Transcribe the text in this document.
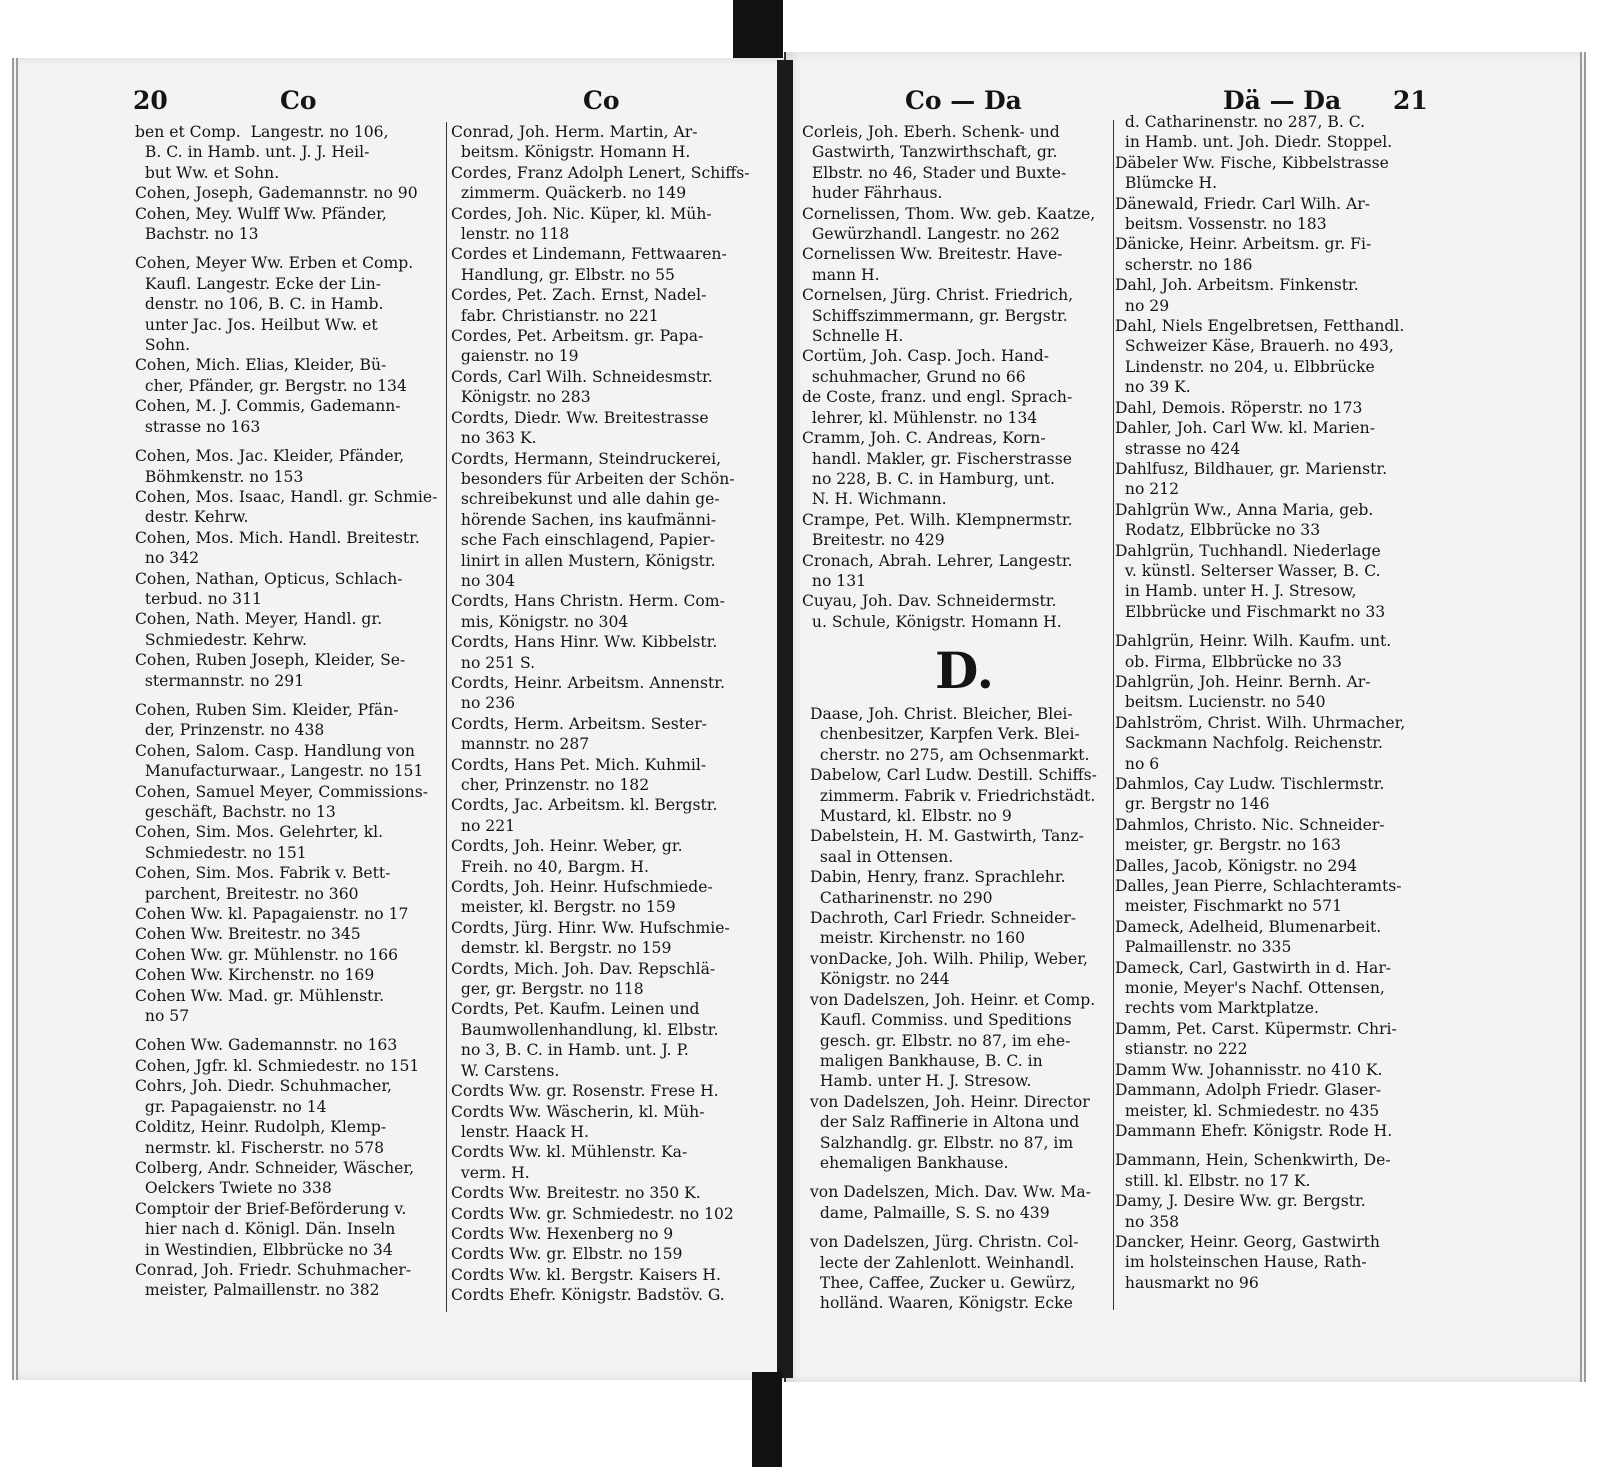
20	Co	Co	Co — Da	Dä — Da 21
ben et Comp.  Langestr. no 106,
B. C. in Hamb. unt. J. J. Heil-
but Ww. et Sohn.
Cohen, Joseph, Gademannstr. no 90
Cohen, Mey. Wulff Ww. Pfänder,
Bachstr. no 13
Cohen, Meyer Ww. Erben et Comp.
Kaufl. Langestr. Ecke der Lin-
denstr. no 106, B. C. in Hamb.
unter Jac. Jos. Heilbut Ww. et
Sohn.
Cohen, Mich. Elias, Kleider, Bü-
cher, Pfänder, gr. Bergstr. no 134
Cohen, M. J. Commis, Gademann-
strasse no 163
Cohen, Mos. Jac. Kleider, Pfänder,
Böhmkenstr. no 153
Cohen, Mos. Isaac, Handl. gr. Schmie-
destr. Kehrw.
Cohen, Mos. Mich. Handl. Breitestr.
no 342
Cohen, Nathan, Opticus, Schlach-
terbud. no 311
Cohen, Nath. Meyer, Handl. gr.
Schmiedestr. Kehrw.
Cohen, Ruben Joseph, Kleider, Se-
stermannstr. no 291
Cohen, Ruben Sim. Kleider, Pfän-
der, Prinzenstr. no 438
Cohen, Salom. Casp. Handlung von
Manufacturwaar., Langestr. no 151
Cohen, Samuel Meyer, Commissions-
geschäft, Bachstr. no 13
Cohen, Sim. Mos. Gelehrter, kl.
Schmiedestr. no 151
Cohen, Sim. Mos. Fabrik v. Bett-
parchent, Breitestr. no 360
Cohen Ww. kl. Papagaienstr. no 17
Cohen Ww. Breitestr. no 345
Cohen Ww. gr. Mühlenstr. no 166
Cohen Ww. Kirchenstr. no 169
Cohen Ww. Mad. gr. Mühlenstr.
no 57
Cohen Ww. Gademannstr. no 163
Cohen, Jgfr. kl. Schmiedestr. no 151
Cohrs, Joh. Diedr. Schuhmacher,
gr. Papagaienstr. no 14
Colditz, Heinr. Rudolph, Klemp-
nermstr. kl. Fischerstr. no 578
Colberg, Andr. Schneider, Wäscher,
Oelckers Twiete no 338
Comptoir der Brief-Beförderung v.
hier nach d. Königl. Dän. Inseln
in Westindien, Elbbrücke no 34
Conrad, Joh. Friedr. Schuhmacher-
meister, Palmaillenstr. no 382
Conrad, Joh. Herm. Martin, Ar-
beitsm. Königstr. Homann H.
Cordes, Franz Adolph Lenert, Schiffs-
zimmerm. Quäckerb. no 149
Cordes, Joh. Nic. Küper, kl. Müh-
lenstr. no 118
Cordes et Lindemann, Fettwaaren-
Handlung, gr. Elbstr. no 55
Cordes, Pet. Zach. Ernst, Nadel-
fabr. Christianstr. no 221
Cordes, Pet. Arbeitsm. gr. Papa-
gaienstr. no 19
Cords, Carl Wilh. Schneidesmstr.
Königstr. no 283
Cordts, Diedr. Ww. Breitestrasse
no 363 K.
Cordts, Hermann, Steindruckerei,
besonders für Arbeiten der Schön-
schreibekunst und alle dahin ge-
hörende Sachen, ins kaufmänni-
sche Fach einschlagend, Papier-
linirt in allen Mustern, Königstr.
no 304
Cordts, Hans Christn. Herm. Com-
mis, Königstr. no 304
Cordts, Hans Hinr. Ww. Kibbelstr.
no 251 S.
Cordts, Heinr. Arbeitsm. Annenstr.
no 236
Cordts, Herm. Arbeitsm. Sester-
mannstr. no 287
Cordts, Hans Pet. Mich. Kuhmil-
cher, Prinzenstr. no 182
Cordts, Jac. Arbeitsm. kl. Bergstr.
no 221
Cordts, Joh. Heinr. Weber, gr.
Freih. no 40, Bargm. H.
Cordts, Joh. Heinr. Hufschmiede-
meister, kl. Bergstr. no 159
Cordts, Jürg. Hinr. Ww. Hufschmie-
demstr. kl. Bergstr. no 159
Cordts, Mich. Joh. Dav. Repschlä-
ger, gr. Bergstr. no 118
Cordts, Pet. Kaufm. Leinen und
Baumwollenhandlung, kl. Elbstr.
no 3, B. C. in Hamb. unt. J. P.
W. Carstens.
Cordts Ww. gr. Rosenstr. Frese H.
Cordts Ww. Wäscherin, kl. Müh-
lenstr. Haack H.
Cordts Ww. kl. Mühlenstr. Ka-
verm. H.
Cordts Ww. Breitestr. no 350 K.
Cordts Ww. gr. Schmiedestr. no 102
Cordts Ww. Hexenberg no 9
Cordts Ww. gr. Elbstr. no 159
Cordts Ww. kl. Bergstr. Kaisers H.
Cordts Ehefr. Königstr. Badstöv. G.
Corleis, Joh. Eberh. Schenk- und
Gastwirth, Tanzwirthschaft, gr.
Elbstr. no 46, Stader und Buxte-
huder Fährhaus.
Cornelissen, Thom. Ww. geb. Kaatze,
Gewürzhandl. Langestr. no 262
Cornelissen Ww. Breitestr. Have-
mann H.
Cornelsen, Jürg. Christ. Friedrich,
Schiffszimmermann, gr. Bergstr.
Schnelle H.
Cortüm, Joh. Casp. Joch. Hand-
schuhmacher, Grund no 66
de Coste, franz. und engl. Sprach-
lehrer, kl. Mühlenstr. no 134
Cramm, Joh. C. Andreas, Korn-
handl. Makler, gr. Fischerstrasse
no 228, B. C. in Hamburg, unt.
N. H. Wichmann.
Crampe, Pet. Wilh. Klempnermstr.
Breitestr. no 429
Cronach, Abrah. Lehrer, Langestr.
no 131
Cuyau, Joh. Dav. Schneidermstr.
u. Schule, Königstr. Homann H.
D.
Daase, Joh. Christ. Bleicher, Blei-
chenbesitzer, Karpfen Verk. Blei-
cherstr. no 275, am Ochsenmarkt.
Dabelow, Carl Ludw. Destill. Schiffs-
zimmerm. Fabrik v. Friedrichstädt.
Mustard, kl. Elbstr. no 9
Dabelstein, H. M. Gastwirth, Tanz-
saal in Ottensen.
Dabin, Henry, franz. Sprachlehr.
Catharinenstr. no 290
Dachroth, Carl Friedr. Schneider-
meistr. Kirchenstr. no 160
vonDacke, Joh. Wilh. Philip, Weber,
Königstr. no 244
von Dadelszen, Joh. Heinr. et Comp.
Kaufl. Commiss. und Speditions
gesch. gr. Elbstr. no 87, im ehe-
maligen Bankhause, B. C. in
Hamb. unter H. J. Stresow.
von Dadelszen, Joh. Heinr. Director
der Salz Raffinerie in Altona und
Salzhandlg. gr. Elbstr. no 87, im
ehemaligen Bankhause.
von Dadelszen, Mich. Dav. Ww. Ma-
dame, Palmaille, S. S. no 439
von Dadelszen, Jürg. Christn. Col-
lecte der Zahlenlott. Weinhandl.
Thee, Caffee, Zucker u. Gewürz,
holländ. Waaren, Königstr. Ecke
d. Catharinenstr. no 287, B. C.
in Hamb. unt. Joh. Diedr. Stoppel.
Däbeler Ww. Fische, Kibbelstrasse
Blümcke H.
Dänewald, Friedr. Carl Wilh. Ar-
beitsm. Vossenstr. no 183
Dänicke, Heinr. Arbeitsm. gr. Fi-
scherstr. no 186
Dahl, Joh. Arbeitsm. Finkenstr.
no 29
Dahl, Niels Engelbretsen, Fetthandl.
Schweizer Käse, Brauerh. no 493,
Lindenstr. no 204, u. Elbbrücke
no 39 K.
Dahl, Demois. Röperstr. no 173
Dahler, Joh. Carl Ww. kl. Marien-
strasse no 424
Dahlfusz, Bildhauer, gr. Marienstr.
no 212
Dahlgrün Ww., Anna Maria, geb.
Rodatz, Elbbrücke no 33
Dahlgrün, Tuchhandl. Niederlage
v. künstl. Selterser Wasser, B. C.
in Hamb. unter H. J. Stresow,
Elbbrücke und Fischmarkt no 33
Dahlgrün, Heinr. Wilh. Kaufm. unt.
ob. Firma, Elbbrücke no 33
Dahlgrün, Joh. Heinr. Bernh. Ar-
beitsm. Lucienstr. no 540
Dahlström, Christ. Wilh. Uhrmacher,
Sackmann Nachfolg. Reichenstr.
no 6
Dahmlos, Cay Ludw. Tischlermstr.
gr. Bergstr no 146
Dahmlos, Christo. Nic. Schneider-
meister, gr. Bergstr. no 163
Dalles, Jacob, Königstr. no 294
Dalles, Jean Pierre, Schlachteramts-
meister, Fischmarkt no 571
Dameck, Adelheid, Blumenarbeit.
Palmaillenstr. no 335
Dameck, Carl, Gastwirth in d. Har-
monie, Meyer's Nachf. Ottensen,
rechts vom Marktplatze.
Damm, Pet. Carst. Küpermstr. Chri-
stianstr. no 222
Damm Ww. Johannisstr. no 410 K.
Dammann, Adolph Friedr. Glaser-
meister, kl. Schmiedestr. no 435
Dammann Ehefr. Königstr. Rode H.
Dammann, Hein, Schenkwirth, De-
still. kl. Elbstr. no 17 K.
Damy, J. Desire Ww. gr. Bergstr.
no 358
Dancker, Heinr. Georg, Gastwirth
im holsteinschen Hause, Rath-
hausmarkt no 96
